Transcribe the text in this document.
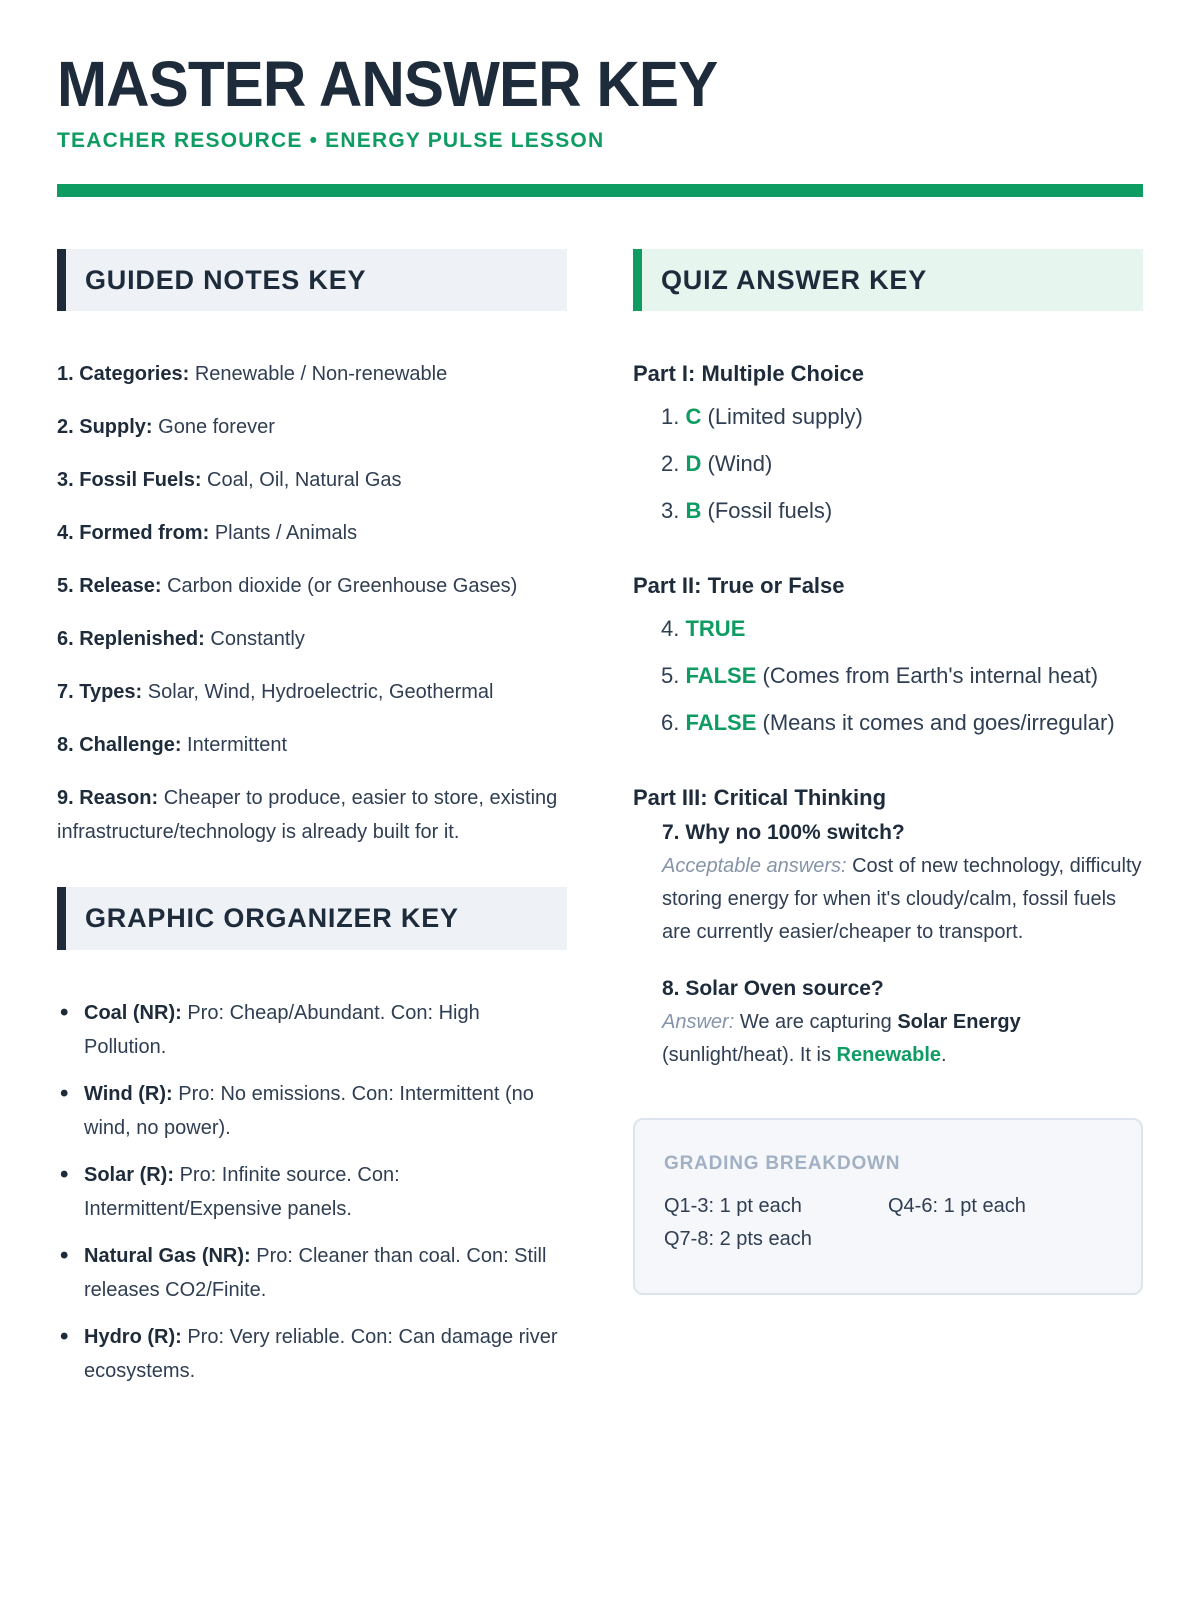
MASTER ANSWER KEY
TEACHER RESOURCE • ENERGY PULSE LESSON
GUIDED NOTES KEY

1. Categories: Renewable / Non-renewable

2. Supply: Gone forever

3. Fossil Fuels: Coal, Oil, Natural Gas

4. Formed from: Plants / Animals

5. Release: Carbon dioxide (or Greenhouse Gases)

6. Replenished: Constantly

7. Types: Solar, Wind, Hydroelectric, Geothermal

8. Challenge: Intermittent

9. Reason: Cheaper to produce, easier to store, existing infrastructure/technology is already built for it.

GRAPHIC ORGANIZER KEY
• Coal (NR): Pro: Cheap/Abundant. Con: High Pollution.
• Wind (R): Pro: No emissions. Con: Intermittent (no wind, no power).
• Solar (R): Pro: Infinite source. Con: Intermittent/Expensive panels.
• Natural Gas (NR): Pro: Cleaner than coal. Con: Still releases CO2/Finite.
• Hydro (R): Pro: Very reliable. Con: Can damage river ecosystems.
QUIZ ANSWER KEY
Part I: Multiple Choice

1. C (Limited supply)

2. D (Wind)

3. B (Fossil fuels)

Part II: True or False

4. TRUE

5. FALSE (Comes from Earth's internal heat)

6. FALSE (Means it comes and goes/irregular)

Part III: Critical Thinking

7. Why no 100% switch?

Acceptable answers: Cost of new technology, difficulty storing energy for when it's cloudy/calm, fossil fuels are currently easier/cheaper to transport.

8. Solar Oven source?

Answer: We are capturing Solar Energy (sunlight/heat). It is Renewable.

GRADING BREAKDOWN
Q1-3: 1 pt each	Q4-6: 1 pt each
Q7-8: 2 pts each
